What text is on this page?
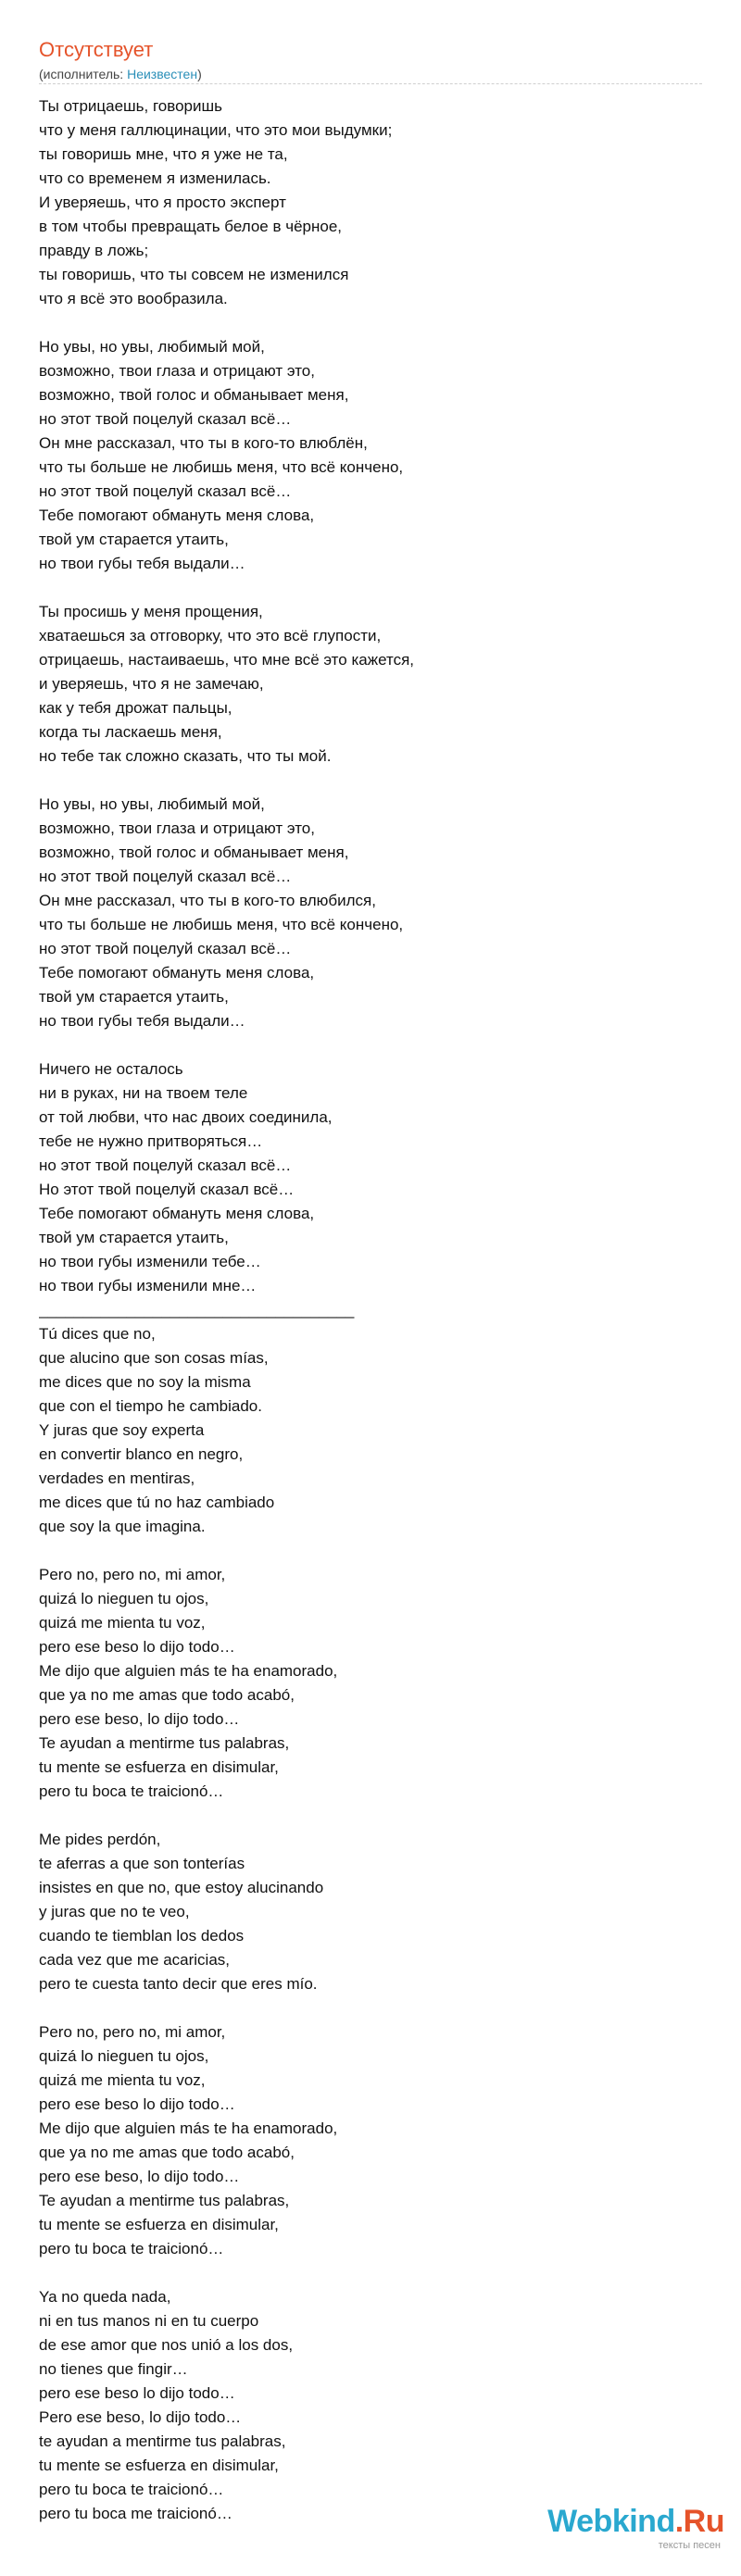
Отсутствует
(исполнитель: Неизвестен)
Ты отрицаешь, говоришь
что у меня галлюцинации, что это мои выдумки;
ты говоришь мне, что я уже не та,
что со временем я изменилась.
И уверяешь, что я просто эксперт
в том чтобы превращать белое в чёрное,
правду в ложь;
ты говоришь, что ты совсем не изменился
что я всё это вообразила.
Но увы, но увы, любимый мой,
возможно, твои глаза и отрицают это,
возможно, твой голос и обманывает меня,
но этот твой поцелуй сказал всё…
Он мне рассказал, что ты в кого-то влюблён,
что ты больше не любишь меня, что всё кончено,
но этот твой поцелуй сказал всё…
Тебе помогают обмануть меня слова,
твой ум старается утаить,
но твои губы тебя выдали…
Ты просишь у меня прощения,
хватаешься за отговорку, что это всё глупости,
отрицаешь, настаиваешь, что мне всё это кажется,
и уверяешь, что я не замечаю,
как у тебя дрожат пальцы,
когда ты ласкаешь меня,
но тебе так сложно сказать, что ты мой.
Но увы, но увы, любимый мой,
возможно, твои глаза и отрицают это,
возможно, твой голос и обманывает меня,
но этот твой поцелуй сказал всё…
Он мне рассказал, что ты в кого-то влюбился,
что ты больше не любишь меня, что всё кончено,
но этот твой поцелуй сказал всё…
Тебе помогают обмануть меня слова,
твой ум старается утаить,
но твои губы тебя выдали…
Ничего не осталось
ни в руках, ни на твоем теле
от той любви, что нас двоих соединила,
тебе не нужно притворяться…
но этот твой поцелуй сказал всё…
Но этот твой поцелуй сказал всё…
Тебе помогают обмануть меня слова,
твой ум старается утаить,
но твои губы изменили тебе…
но твои губы изменили мне…
____________________________________
Tú dices que no,
que alucino que son cosas mías,
me dices que no soy la misma
que con el tiempo he cambiado.
Y juras que soy experta
en convertir blanco en negro,
verdades en mentiras,
me dices que tú no haz cambiado
que soy la que imagina.
Pero no, pero no, mi amor,
quizá lo nieguen tu ojos,
quizá me mienta tu voz,
pero ese beso lo dijo todo…
Me dijo que alguien más te ha enamorado,
que ya no me amas que todo acabó,
pero ese beso, lo dijo todo…
Te ayudan a mentirme tus palabras,
tu mente se esfuerza en disimular,
pero tu boca te traicionó…
Me pides perdón,
te aferras a que son tonterías
insistes en que no, que estoy alucinando
y juras que no te veo,
cuando te tiemblan los dedos
cada vez que me acaricias,
pero te cuesta tanto decir que eres mío.
Pero no, pero no, mi amor,
quizá lo nieguen tu ojos,
quizá me mienta tu voz,
pero ese beso lo dijo todo…
Me dijo que alguien más te ha enamorado,
que ya no me amas que todo acabó,
pero ese beso, lo dijo todo…
Te ayudan a mentirme tus palabras,
tu mente se esfuerza en disimular,
pero tu boca te traicionó…
Ya no queda nada,
ni en tus manos ni en tu cuerpo
de ese amor que nos unió a los dos,
no tienes que fingir…
pero ese beso lo dijo todo…
Pero ese beso, lo dijo todo…
te ayudan a mentirme tus palabras,
tu mente se esfuerza en disimular,
pero tu boca te traicionó…
pero tu boca me traicionó…	Webkind.Ru
тексты песен
